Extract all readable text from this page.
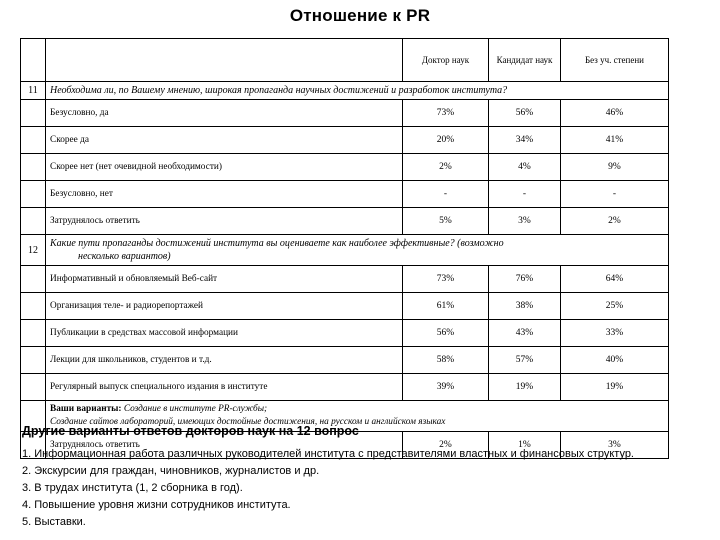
Отношение к PR
		Доктор наук	Кандидат наук	Без уч. степени
11	Необходима ли, по Вашему мнению, широкая пропаганда научных достижений и разработок института?			
	Безусловно, да	73%	56%	46%
	Скорее да	20%	34%	41%
	Скорее нет (нет очевидной необходимости)	2%	4%	9%
	Безусловно, нет	-	-	-
	Затруднялось ответить	5%	3%	2%
12	Какие пути пропаганды достижений института вы оцениваете как наиболее эффективные? (возможно
несколько вариантов)			

	Информативный и обновляемый Веб-сайт	73%	76%	64%
	Организация теле- и радиорепортажей	61%	38%	25%
	Публикации в средствах массовой информации	56%	43%	33%
	Лекции для школьников, студентов и т.д.	58%	57%	40%
	Регулярный выпуск специального издания в институте	39%	19%	19%
	Ваши варианты: Создание в институте PR-службы;
Создание сайтов лабораторий, имеющих достойные достижения, на русском и английском языках			

	Затруднялось ответить	2%	1%	3%
Другие варианты ответов докторов наук на 12 вопрос
1. Информационная работа различных руководителей института с представителями властных и финансовых структур.
2. Экскурсии для граждан, чиновников, журналистов и др.
3. В трудах института (1, 2 сборника в год).
4. Повышение уровня жизни сотрудников института.
5. Выставки.
